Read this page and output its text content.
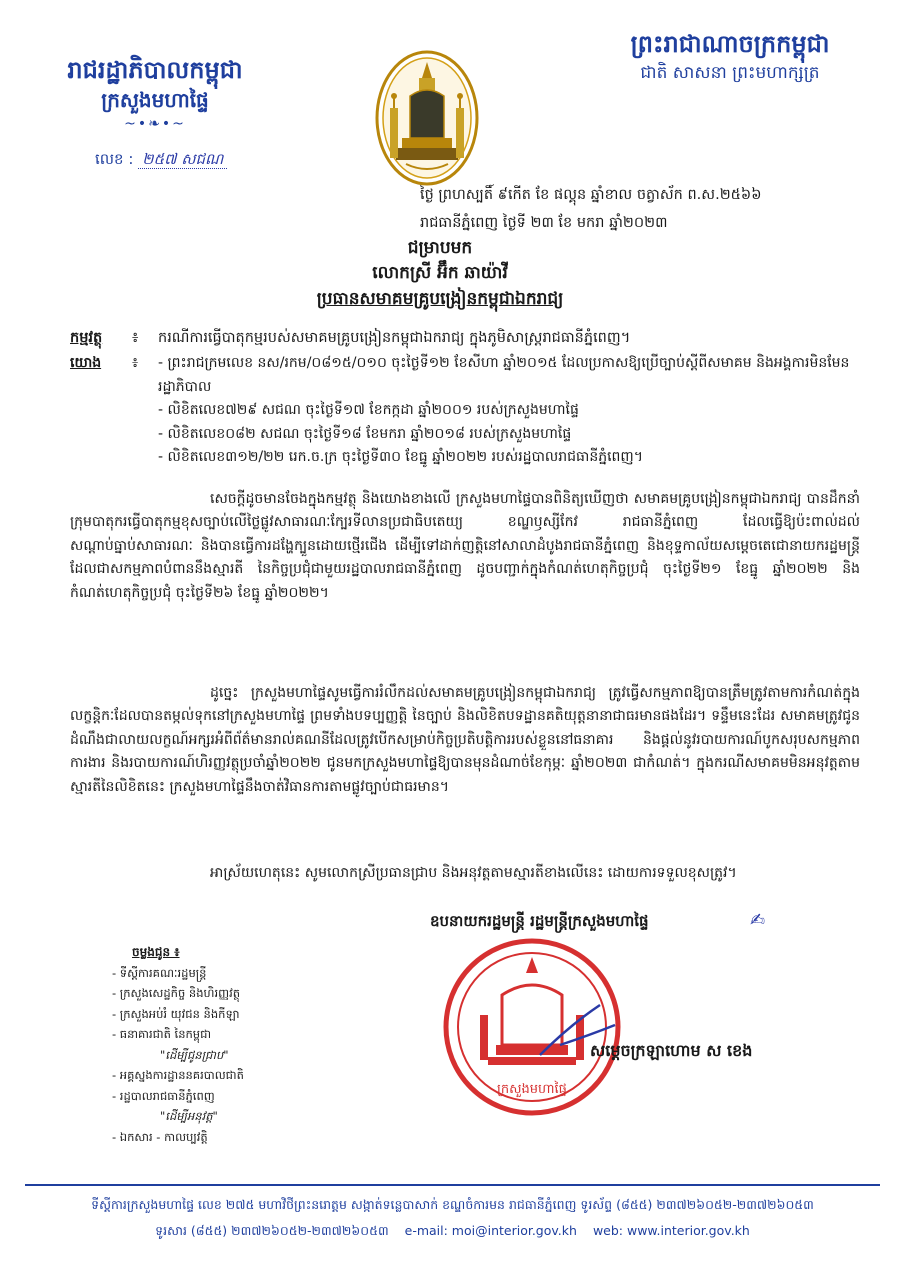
រាជរដ្ឋាភិបាលកម្ពុជា
ក្រសួងមហាផ្ទៃ
~•❧•~
លេខ : ២៥៧ សជណ
ព្រះរាជាណាចក្រកម្ពុជា
ជាតិ សាសនា ព្រះមហាក្សត្រ
ថ្ងៃ ព្រហស្បតិ៍ ៩កើត ខែ ផល្គុន ឆ្នាំខាល ចត្វាស័ក ព.ស.២៥៦៦
រាជធានីភ្នំពេញ ថ្ងៃទី ២៣ ខែ មករា ឆ្នាំ២០២៣
ជម្រាបមក
លោកស្រី អ៊ឹក ឆាយ៉ាវី
ប្រធានសមាគមគ្រូបង្រៀនកម្ពុជាឯករាជ្យ
កម្មវត្ថុ ៖ ករណីការធ្វើបាតុកម្មរបស់សមាគមគ្រូបង្រៀនកម្ពុជាឯករាជ្យ ក្នុងភូមិសាស្រ្តរាជធានីភ្នំពេញ។
យោង	៖	- ព្រះរាជក្រមលេខ នស/រកម/០៨១៥/០១០ ចុះថ្ងៃទី១២ ខែសីហា ឆ្នាំ២០១៥ ដែលប្រកាសឱ្យប្រើច្បាប់ស្តីពីសមាគម និងអង្គការមិនមែនរដ្ឋាភិបាល
- លិខិតលេខ៧២៩ សជណ ចុះថ្ងៃទី១៧ ខែកក្កដា ឆ្នាំ២០០១ របស់ក្រសួងមហាផ្ទៃ
- លិខិតលេខ០៨២ សជណ ចុះថ្ងៃទី១៨ ខែមករា ឆ្នាំ២០១៨ របស់ក្រសួងមហាផ្ទៃ
- លិខិតលេខ៣១២/២២ រេក.ច.ក្រ ចុះថ្ងៃទី៣០ ខែធ្នូ ឆ្នាំ២០២២ របស់រដ្ឋបាលរាជធានីភ្នំពេញ។
សេចក្តីដូចមានចែងក្នុងកម្មវត្ថុ និងយោងខាងលើ ក្រសួងមហាផ្ទៃបានពិនិត្យឃើញថា សមាគមគ្រូបង្រៀនកម្ពុជាឯករាជ្យ បានដឹកនាំក្រុមបាតុករធ្វើបាតុកម្មខុសច្បាប់លើថ្លៃផ្លូវសាធារណៈក្បែរទីលានប្រជាធិបតេយ្យ ខណ្ឌឫស្សីកែវ រាជធានីភ្នំពេញ ដែលធ្វើឱ្យប៉ះពាល់ដល់សណ្តាប់ធ្នាប់សាធារណៈ និងបានធ្វើការដង្ហែក្បួនដោយថ្មើរជើង ដើម្បីទៅដាក់ញត្តិនៅសាលាដំបូងរាជធានីភ្នំពេញ និងខុទ្ទកាល័យសម្តេចតេជោនាយករដ្ឋមន្ត្រី ដែលជាសកម្មភាពបំពាននឹងស្មារតី នៃកិច្ចប្រជុំជាមួយរដ្ឋបាលរាជធានីភ្នំពេញ ដូចបញ្ជាក់ក្នុងកំណត់ហេតុកិច្ចប្រជុំ ចុះថ្ងៃទី២១ ខែធ្នូ ឆ្នាំ២០២២ និងកំណត់ហេតុកិច្ចប្រជុំ ចុះថ្ងៃទី២៦ ខែធ្នូ ឆ្នាំ២០២២។
ដូច្នេះ ក្រសួងមហាផ្ទៃសូមធ្វើការរំលឹកដល់សមាគមគ្រូបង្រៀនកម្ពុជាឯករាជ្យ ត្រូវធ្វើសកម្មភាពឱ្យបានត្រឹមត្រូវតាមការកំណត់ក្នុងលក្ខន្តិកៈដែលបានតម្កល់ទុកនៅក្រសួងមហាផ្ទៃ ព្រមទាំងបទប្បញ្ញត្តិ នៃច្បាប់ និងលិខិតបទដ្ឋានគតិយុត្តនានាជាធរមានផងដែរ។ ទន្ទឹមនេះដែរ សមាគមត្រូវជូនដំណឹងជាលាយលក្ខណ៍អក្សរអំពីព័ត៌មានរាល់គណនីដែលត្រូវបើកសម្រាប់កិច្ចប្រតិបត្តិការរបស់ខ្លួននៅធនាគារ និងផ្តល់នូវរបាយការណ៍បូកសរុបសកម្មភាពការងារ និងរបាយការណ៍ហិរញ្ញវត្ថុប្រចាំឆ្នាំ២០២២ ជូនមកក្រសួងមហាផ្ទៃឱ្យបានមុនដំណាច់ខែកុម្ភៈ ឆ្នាំ២០២៣ ជាកំណត់។ ក្នុងករណីសមាគមមិនអនុវត្តតាមស្មារតីនៃលិខិតនេះ ក្រសួងមហាផ្ទៃនឹងចាត់វិធានការតាមផ្លូវច្បាប់ជាធរមាន។
អាស្រ័យហេតុនេះ សូមលោកស្រីប្រធានជ្រាប និងអនុវត្តតាមស្មារតីខាងលើនេះ ដោយការទទួលខុសត្រូវ។
ឧបនាយករដ្ឋមន្ត្រី រដ្ឋមន្ត្រីក្រសួងមហាផ្ទៃ	✍
ក្រសួងមហាផ្ទៃ
សម្តេចក្រឡាហោម ស ខេង
ចម្លងជូន ៖
- ទីស្តីការគណៈរដ្ឋមន្ត្រី
- ក្រសួងសេដ្ឋកិច្ច និងហិរញ្ញវត្ថុ
- ក្រសួងអប់រំ យុវជន និងកីឡា
- ធនាគារជាតិ នៃកម្ពុជា
"ដើម្បីជូនជ្រាប"
- អគ្គស្នងការដ្ឋាននគរបាលជាតិ
- រដ្ឋបាលរាជធានីភ្នំពេញ
"ដើម្បីអនុវត្ត"
- ឯកសារ - កាលប្បវត្តិ
ទីស្តីការក្រសួងមហាផ្ទៃ លេខ ២៧៥ មហាវិថីព្រះនរោត្តម សង្កាត់ទន្លេបាសាក់ ខណ្ឌចំការមន រាជធានីភ្នំពេញ ទូរស័ព្ទ (៨៥៥) ២៣៧២៦០៥២-២៣៧២៦០៥៣
ទូរសារ (៨៥៥) ២៣៧២៦០៥២-២៣៧២៦០៥៣ e-mail: moi@interior.gov.kh web: www.interior.gov.kh
